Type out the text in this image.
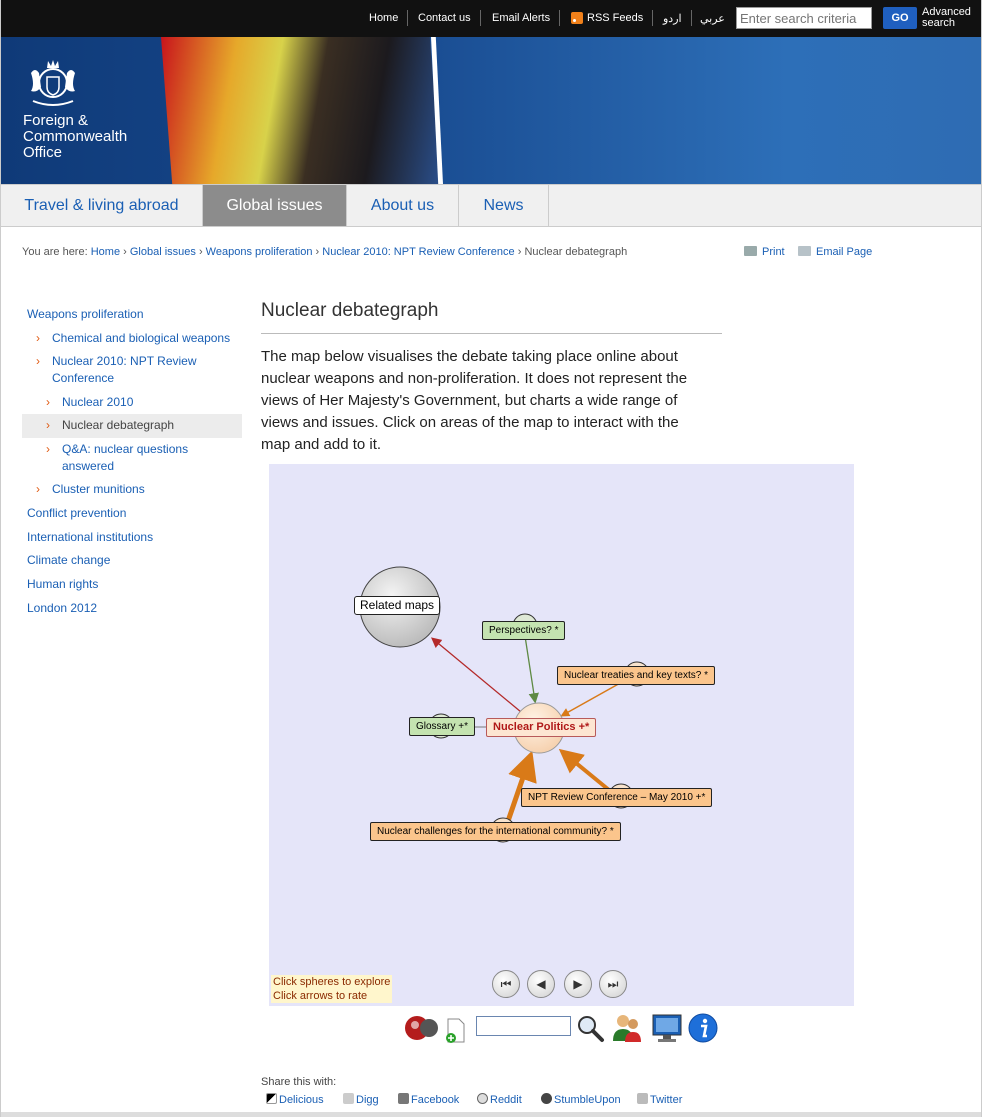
Home Contact us Email Alerts	RSS Feeds اردو عربي
Enter search criteria	GO	Advanced search
Foreign & Commonwealth Office
Travel & living abroad	Global issues	About us	News
You are here: Home › Global issues › Weapons proliferation › Nuclear 2010: NPT Review Conference › Nuclear debategraph	Print	Email Page
Weapons proliferation
› Chemical and biological weapons
› Nuclear 2010: NPT Review Conference
› Nuclear 2010
› Nuclear debategraph
› Q&A: nuclear questions answered
› Cluster munitions
Conflict prevention
International institutions
Climate change
Human rights
London 2012
Nuclear debategraph

The map below visualises the debate taking place online about nuclear weapons and non-proliferation. It does not represent the views of Her Majesty's Government, but charts a wide range of views and issues. Click on areas of the map to interact with the map and add to it.

Related maps
Perspectives? *
Nuclear treaties and key texts? *
Glossary +*	Nuclear Politics +*
NPT Review Conference – May 2010 +*
Nuclear challenges for the international community? *
Click spheres to explore
Click arrows to rate
⏮	◀	▶	⏭
Share this with:
Delicious	Digg	Facebook	Reddit	StumbleUpon	Twitter
